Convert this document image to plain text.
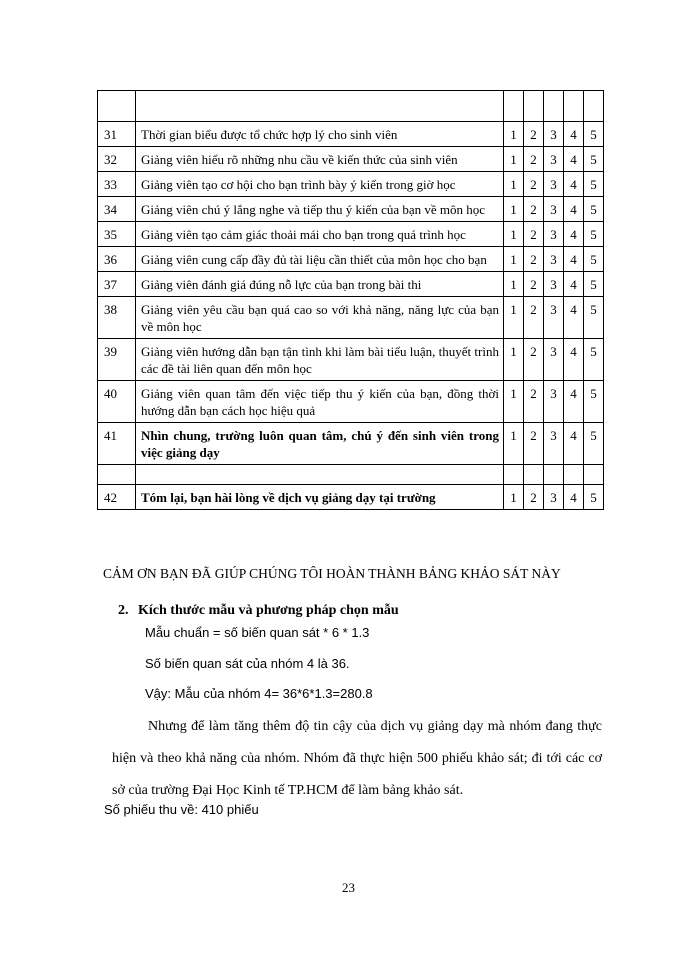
31	Thời gian biểu được tổ chức hợp lý cho sinh viên	1	2	3	4	5
32	Giảng viên hiểu rõ những nhu cầu về kiến thức của sinh viên	1	2	3	4	5
33	Giảng viên tạo cơ hội cho bạn trình bày ý kiến trong giờ học	1	2	3	4	5
34	Giảng viên chú ý lắng nghe và tiếp thu ý kiến của bạn về môn học	1	2	3	4	5
35	Giảng viên tạo cảm giác thoải mái cho bạn trong quá trình học	1	2	3	4	5
36	Giảng viên cung cấp đầy đủ tài liệu cần thiết của môn học cho bạn	1	2	3	4	5
37	Giảng viên đánh giá đúng nỗ lực của bạn trong bài thi	1	2	3	4	5
38	Giảng viên yêu cầu bạn quá cao so với khả năng, năng lực của bạn về môn học	1	2	3	4	5
39	Giảng viên hướng dẫn bạn tận tình khi làm bài tiểu luận, thuyết trình các đề tài liên quan đến môn học	1	2	3	4	5
40	Giảng viên quan tâm đến việc tiếp thu ý kiến của bạn, đồng thời hướng dẫn bạn cách học hiệu quả	1	2	3	4	5
41	Nhìn chung, trường luôn quan tâm, chú ý đến sinh viên trong việc giảng dạy	1	2	3	4	5

42	Tóm lại, bạn hài lòng về dịch vụ giảng dạy tại trường	1	2	3	4	5
CẢM ƠN BẠN ĐÃ GIÚP CHÚNG TÔI HOÀN THÀNH BẢNG KHẢO SÁT NÀY
2. Kích thước mẫu và phương pháp chọn mẫu
Mẫu chuẩn = số biến quan sát * 6 * 1.3
Số biến quan sát của nhóm 4 là 36.
Vậy: Mẫu của nhóm 4= 36*6*1.3=280.8
Nhưng để làm tăng thêm độ tin cậy của dịch vụ giảng dạy mà nhóm đang thực hiện và theo khả năng của nhóm. Nhóm đã thực hiện 500 phiếu khảo sát; đi tới các cơ sở của trường Đại Học Kinh tế TP.HCM để làm bảng khảo sát.
Số phiếu thu về: 410 phiếu
23
